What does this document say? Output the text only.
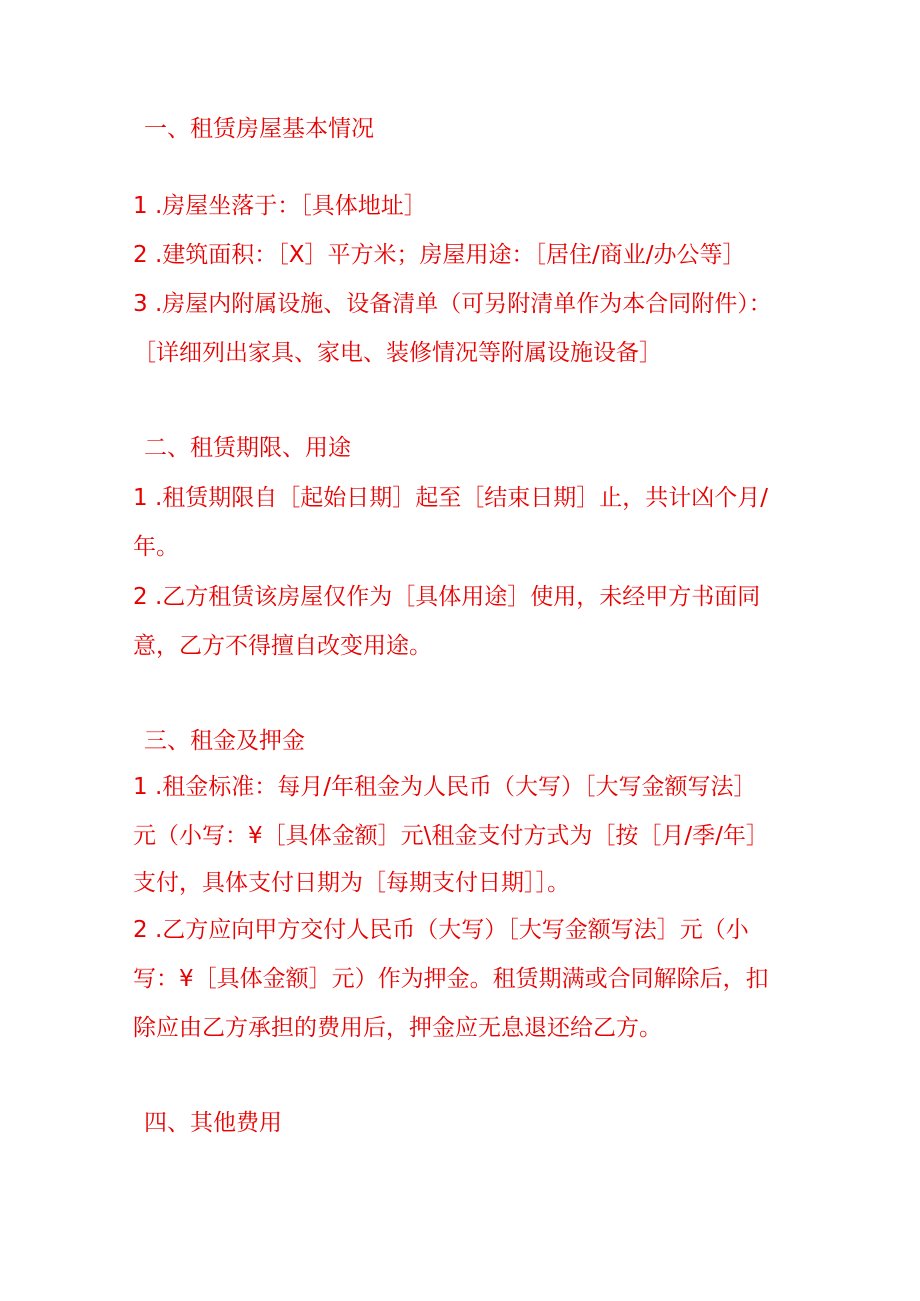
一、租赁房屋基本情况

1 .房屋坐落于：［具体地址］

2 .建筑面积：［X］平方米；房屋用途：［居住/商业/办公等］

3 .房屋内附属设施、设备清单（可另附清单作为本合同附件）：

［详细列出家具、家电、装修情况等附属设施设备］

二、租赁期限、用途

1 .租赁期限自［起始日期］起至［结束日期］止，共计凶个月/

年。

2 .乙方租赁该房屋仅作为［具体用途］使用，未经甲方书面同

意，乙方不得擅自改变用途。

三、租金及押金

1 .租金标准：每月/年租金为人民币（大写）［大写金额写法］

元（小写：¥［具体金额］元\租金支付方式为［按［月/季/年］

支付，具体支付日期为［每期支付日期］］。

2 .乙方应向甲方交付人民币（大写）［大写金额写法］元（小

写：¥［具体金额］元）作为押金。租赁期满或合同解除后，扣

除应由乙方承担的费用后，押金应无息退还给乙方。

四、其他费用
